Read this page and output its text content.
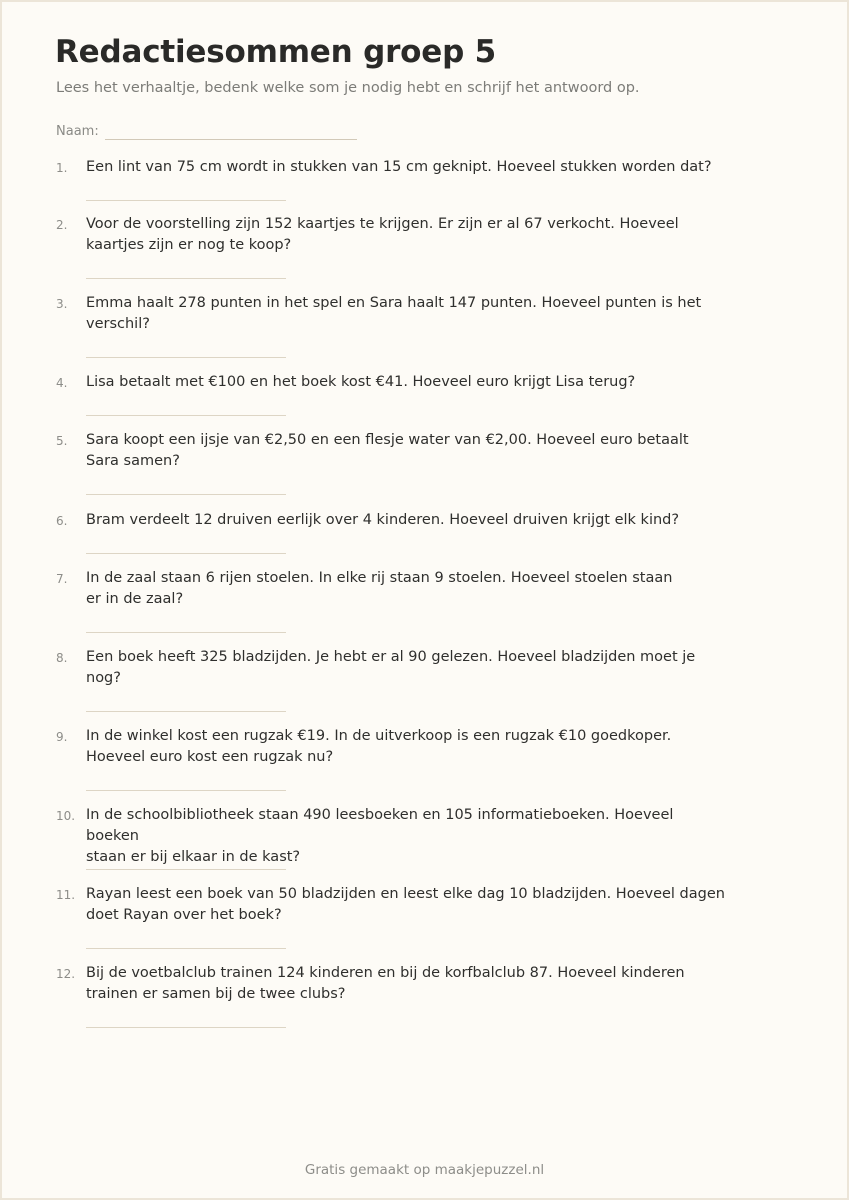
Redactiesommen groep 5
Lees het verhaaltje, bedenk welke som je nodig hebt en schrijf het antwoord op.
Naam:
1. Een lint van 75 cm wordt in stukken van 15 cm geknipt. Hoeveel stukken worden dat?
2. Voor de voorstelling zijn 152 kaartjes te krijgen. Er zijn er al 67 verkocht. Hoeveel
kaartjes zijn er nog te koop?
3. Emma haalt 278 punten in het spel en Sara haalt 147 punten. Hoeveel punten is het
verschil?
4. Lisa betaalt met €100 en het boek kost €41. Hoeveel euro krijgt Lisa terug?
5. Sara koopt een ijsje van €2,50 en een flesje water van €2,00. Hoeveel euro betaalt
Sara samen?
6. Bram verdeelt 12 druiven eerlijk over 4 kinderen. Hoeveel druiven krijgt elk kind?
7. In de zaal staan 6 rijen stoelen. In elke rij staan 9 stoelen. Hoeveel stoelen staan
er in de zaal?
8. Een boek heeft 325 bladzijden. Je hebt er al 90 gelezen. Hoeveel bladzijden moet je
nog?
9. In de winkel kost een rugzak €19. In de uitverkoop is een rugzak €10 goedkoper.
Hoeveel euro kost een rugzak nu?
10. In de schoolbibliotheek staan 490 leesboeken en 105 informatieboeken. Hoeveel boeken
staan er bij elkaar in de kast?
11. Rayan leest een boek van 50 bladzijden en leest elke dag 10 bladzijden. Hoeveel dagen
doet Rayan over het boek?
12. Bij de voetbalclub trainen 124 kinderen en bij de korfbalclub 87. Hoeveel kinderen
trainen er samen bij de twee clubs?
Gratis gemaakt op maakjepuzzel.nl
